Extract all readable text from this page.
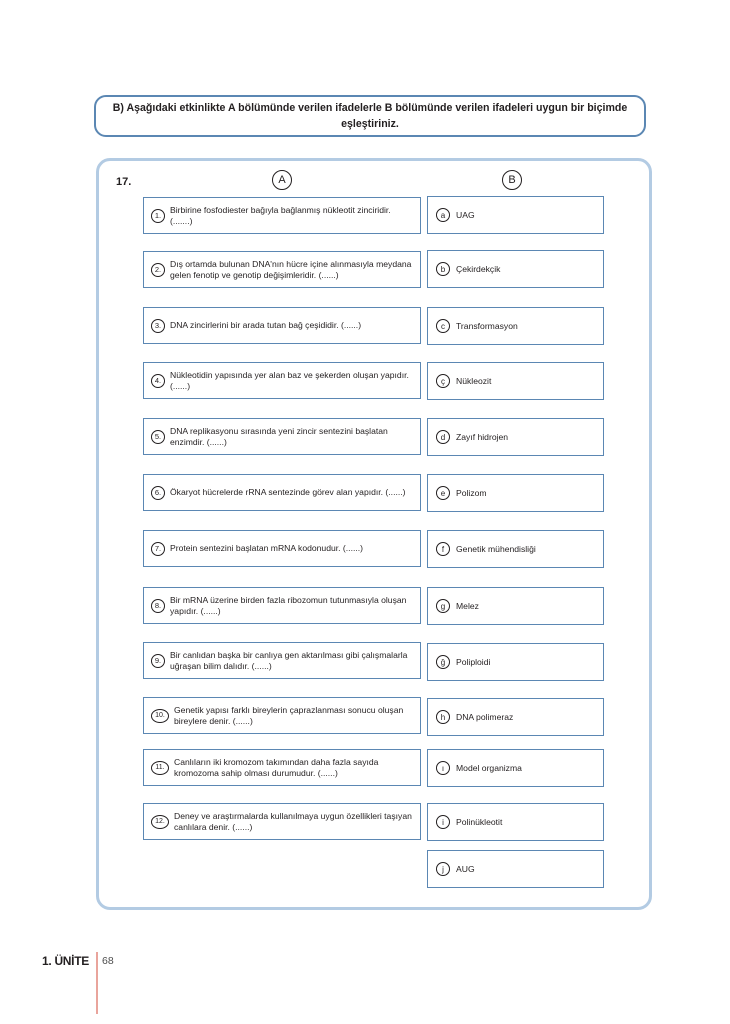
B) Aşağıdaki etkinlikte A bölümünde verilen ifadelerle B bölümünde verilen ifadeleri uygun bir biçimde eşleştiriniz.
17.	A	B
1.
Birbirine fosfodiester bağıyla bağlanmış nükleotit zinciridir. (.......)
2.
Dış ortamda bulunan DNA'nın hücre içine alınmasıyla meydana gelen fenotip ve genotip değişimleridir. (......)
3.	DNA zincirlerini bir arada tutan bağ çeşididir. (......)
4.
Nükleotidin yapısında yer alan baz ve şekerden oluşan yapıdır. (......)
5.
DNA replikasyonu sırasında yeni zincir sentezini başlatan enzimdir. (......)
6.	Ökaryot hücrelerde rRNA sentezinde görev alan yapıdır. (......)
7.	Protein sentezini başlatan mRNA kodonudur. (......)
8.
Bir mRNA üzerine birden fazla ribozomun tutunmasıyla oluşan yapıdır. (......)
9.
Bir canlıdan başka bir canlıya gen aktarılması gibi çalışmalarla uğraşan bilim dalıdır. (......)
10.
Genetik yapısı farklı bireylerin çaprazlanması sonucu oluşan bireylere denir. (......)
11.
Canlıların iki kromozom takımından daha fazla sayıda kromozoma sahip olması durumudur. (......)
12.
Deney ve araştırmalarda kullanılmaya uygun özellikleri taşıyan canlılara denir. (......)
a	UAG
b	Çekirdekçik
c	Transformasyon
ç	Nükleozit
d	Zayıf hidrojen
e	Polizom
f	Genetik mühendisliği
g	Melez
ğ	Poliploidi
h	DNA polimeraz
ı	Model organizma
i	Polinükleotit
j	AUG
1. ÜNİTE 68
